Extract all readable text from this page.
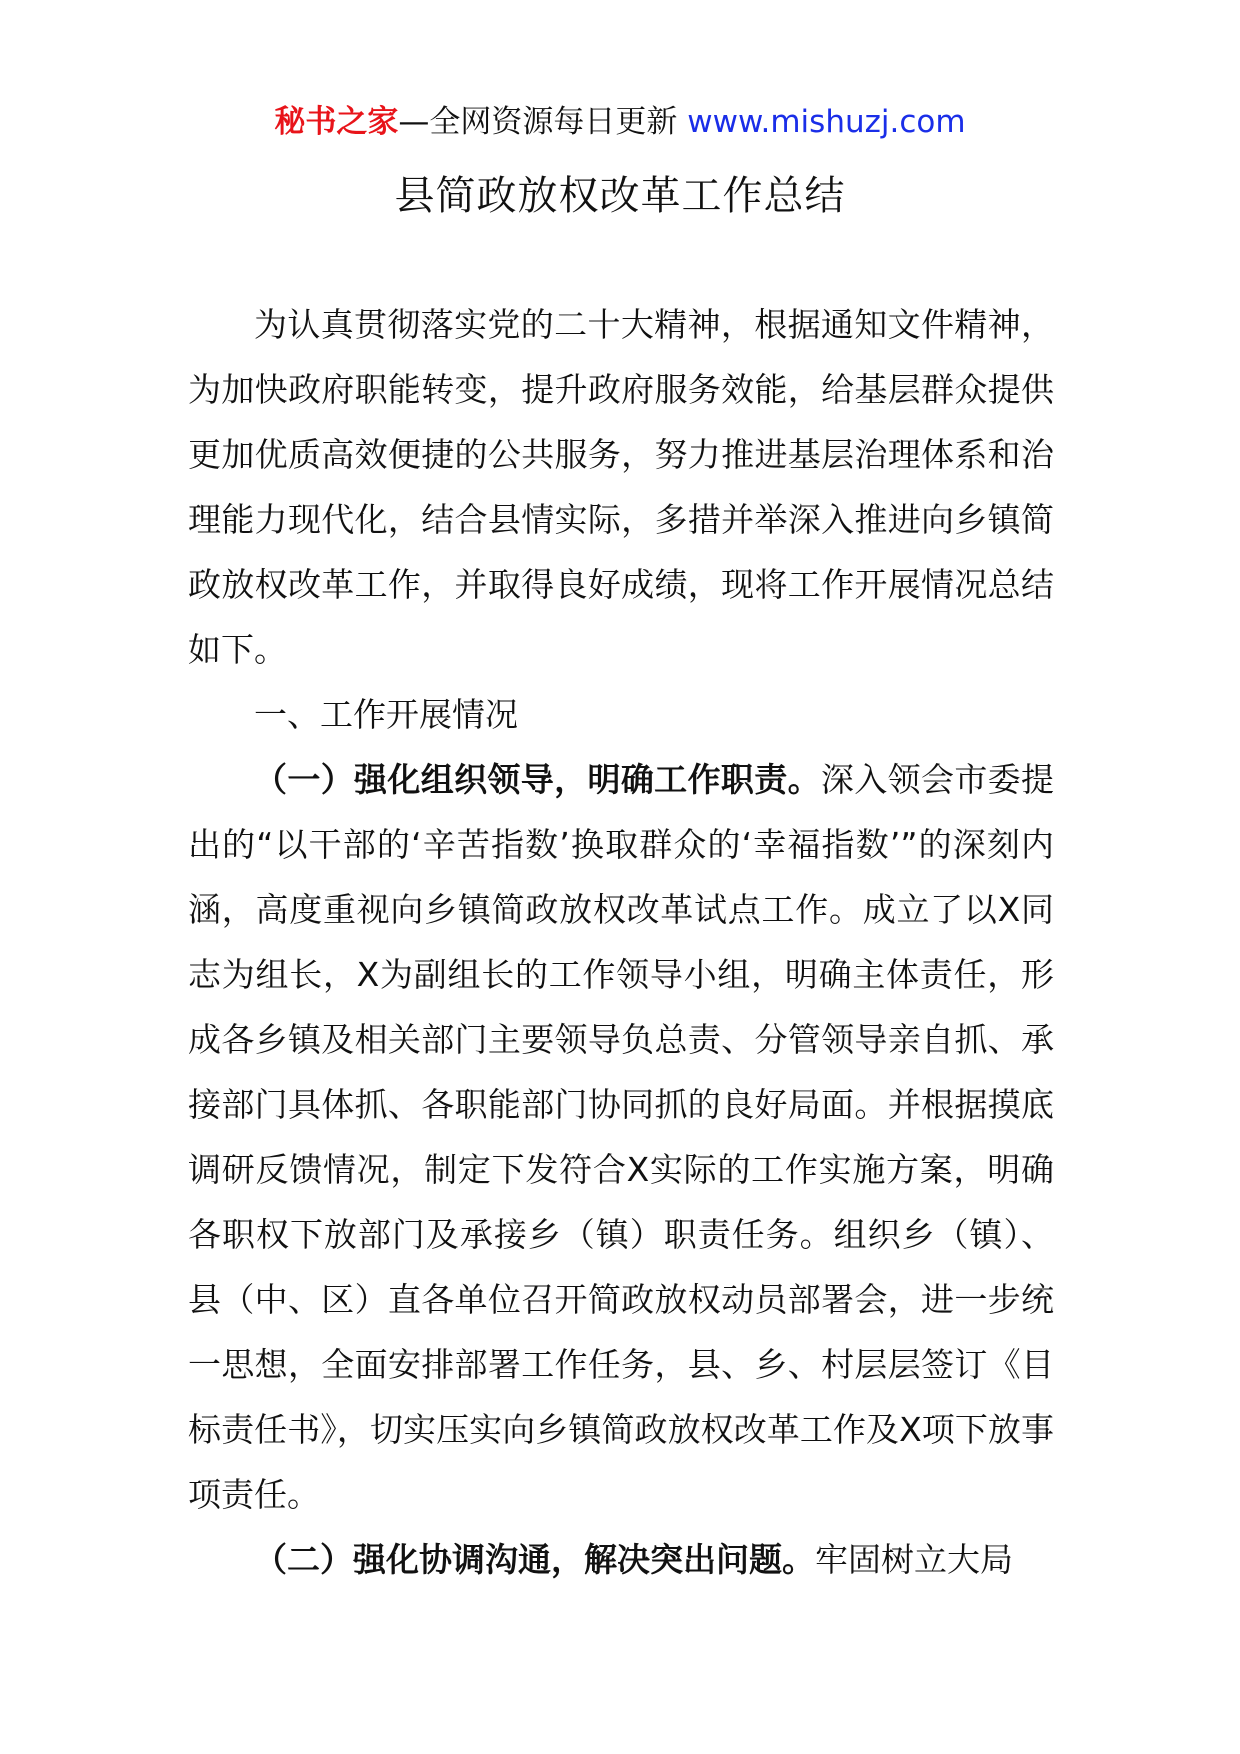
秘书之家—全网资源每日更新 www.mishuzj.com
县简政放权改革工作总结

为认真贯彻落实党的二十大精神，根据通知文件精神，为加快政府职能转变，提升政府服务效能，给基层群众提供更加优质高效便捷的公共服务，努力推进基层治理体系和治理能力现代化，结合县情实际，多措并举深入推进向乡镇简政放权改革工作，并取得良好成绩，现将工作开展情况总结如下。

一、工作开展情况

（一）强化组织领导，明确工作职责。深入领会市委提出的“以干部的‘辛苦指数’换取群众的‘幸福指数’”的深刻内涵，高度重视向乡镇简政放权改革试点工作。成立了以X同志为组长，X为副组长的工作领导小组，明确主体责任，形成各乡镇及相关部门主要领导负总责、分管领导亲自抓、承接部门具体抓、各职能部门协同抓的良好局面。并根据摸底调研反馈情况，制定下发符合X实际的工作实施方案，明确各职权下放部门及承接乡（镇）职责任务。组织乡（镇）、县（中、区）直各单位召开简政放权动员部署会，进一步统一思想，全面安排部署工作任务，县、乡、村层层签订《目标责任书》，切实压实向乡镇简政放权改革工作及X项下放事项责任。

（二）强化协调沟通，解决突出问题。牢固树立大局
